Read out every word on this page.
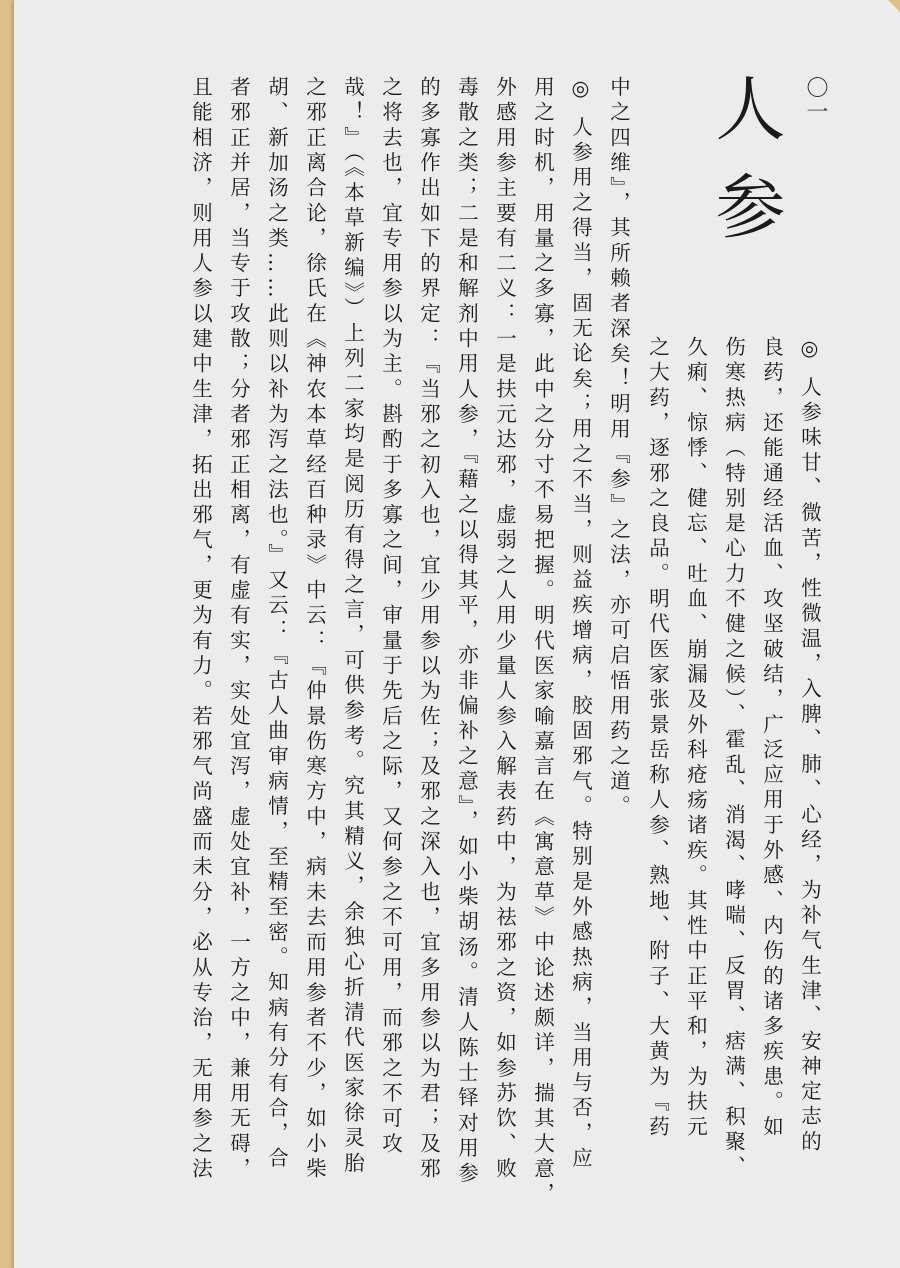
〇一
人
参
◎ 人参味甘、微苦，性微温，入脾、肺、心经，为补气生津、安神定志的
良药，还能通经活血、攻坚破结，广泛应用于外感、内伤的诸多疾患。如
伤寒热病（特别是心力不健之候）、霍乱、消渴、哮喘、反胃、痞满、积聚、
久痢、惊悸、健忘、吐血、崩漏及外科疮疡诸疾。其性中正平和，为扶元
之大药，逐邪之良品。明代医家张景岳称人参、熟地、附子、大黄为『药
中之四维』，其所赖者深矣！明用『参』之法，亦可启悟用药之道。
◎ 人参用之得当，固无论矣；用之不当，则益疾增病，胶固邪气。特别是外感热病，当用与否，应
用之时机，用量之多寡，此中之分寸不易把握。明代医家喻嘉言在《寓意草》中论述颇详，揣其大意，
外感用参主要有二义：一是扶元达邪，虚弱之人用少量人参入解表药中，为祛邪之资，如参苏饮、败
毒散之类；二是和解剂中用人参，『藉之以得其平，亦非偏补之意』，如小柴胡汤。清人陈士铎对用参
的多寡作出如下的界定：『当邪之初入也，宜少用参以为佐；及邪之深入也，宜多用参以为君；及邪
之将去也，宜专用参以为主。斟酌于多寡之间，审量于先后之际，又何参之不可用，而邪之不可攻
哉！』（《本草新编》）上列二家均是阅历有得之言，可供参考。究其精义，余独心折清代医家徐灵胎
之邪正离合论，徐氏在《神农本草经百种录》中云：『仲景伤寒方中，病未去而用参者不少，如小柴
胡、新加汤之类……此则以补为泻之法也。』又云：『古人曲审病情，至精至密。知病有分有合，合
者邪正并居，当专于攻散；分者邪正相离，有虚有实，实处宜泻，虚处宜补，一方之中，兼用无碍，
且能相济，则用人参以建中生津，拓出邪气，更为有力。若邪气尚盛而未分，必从专治，无用参之法
